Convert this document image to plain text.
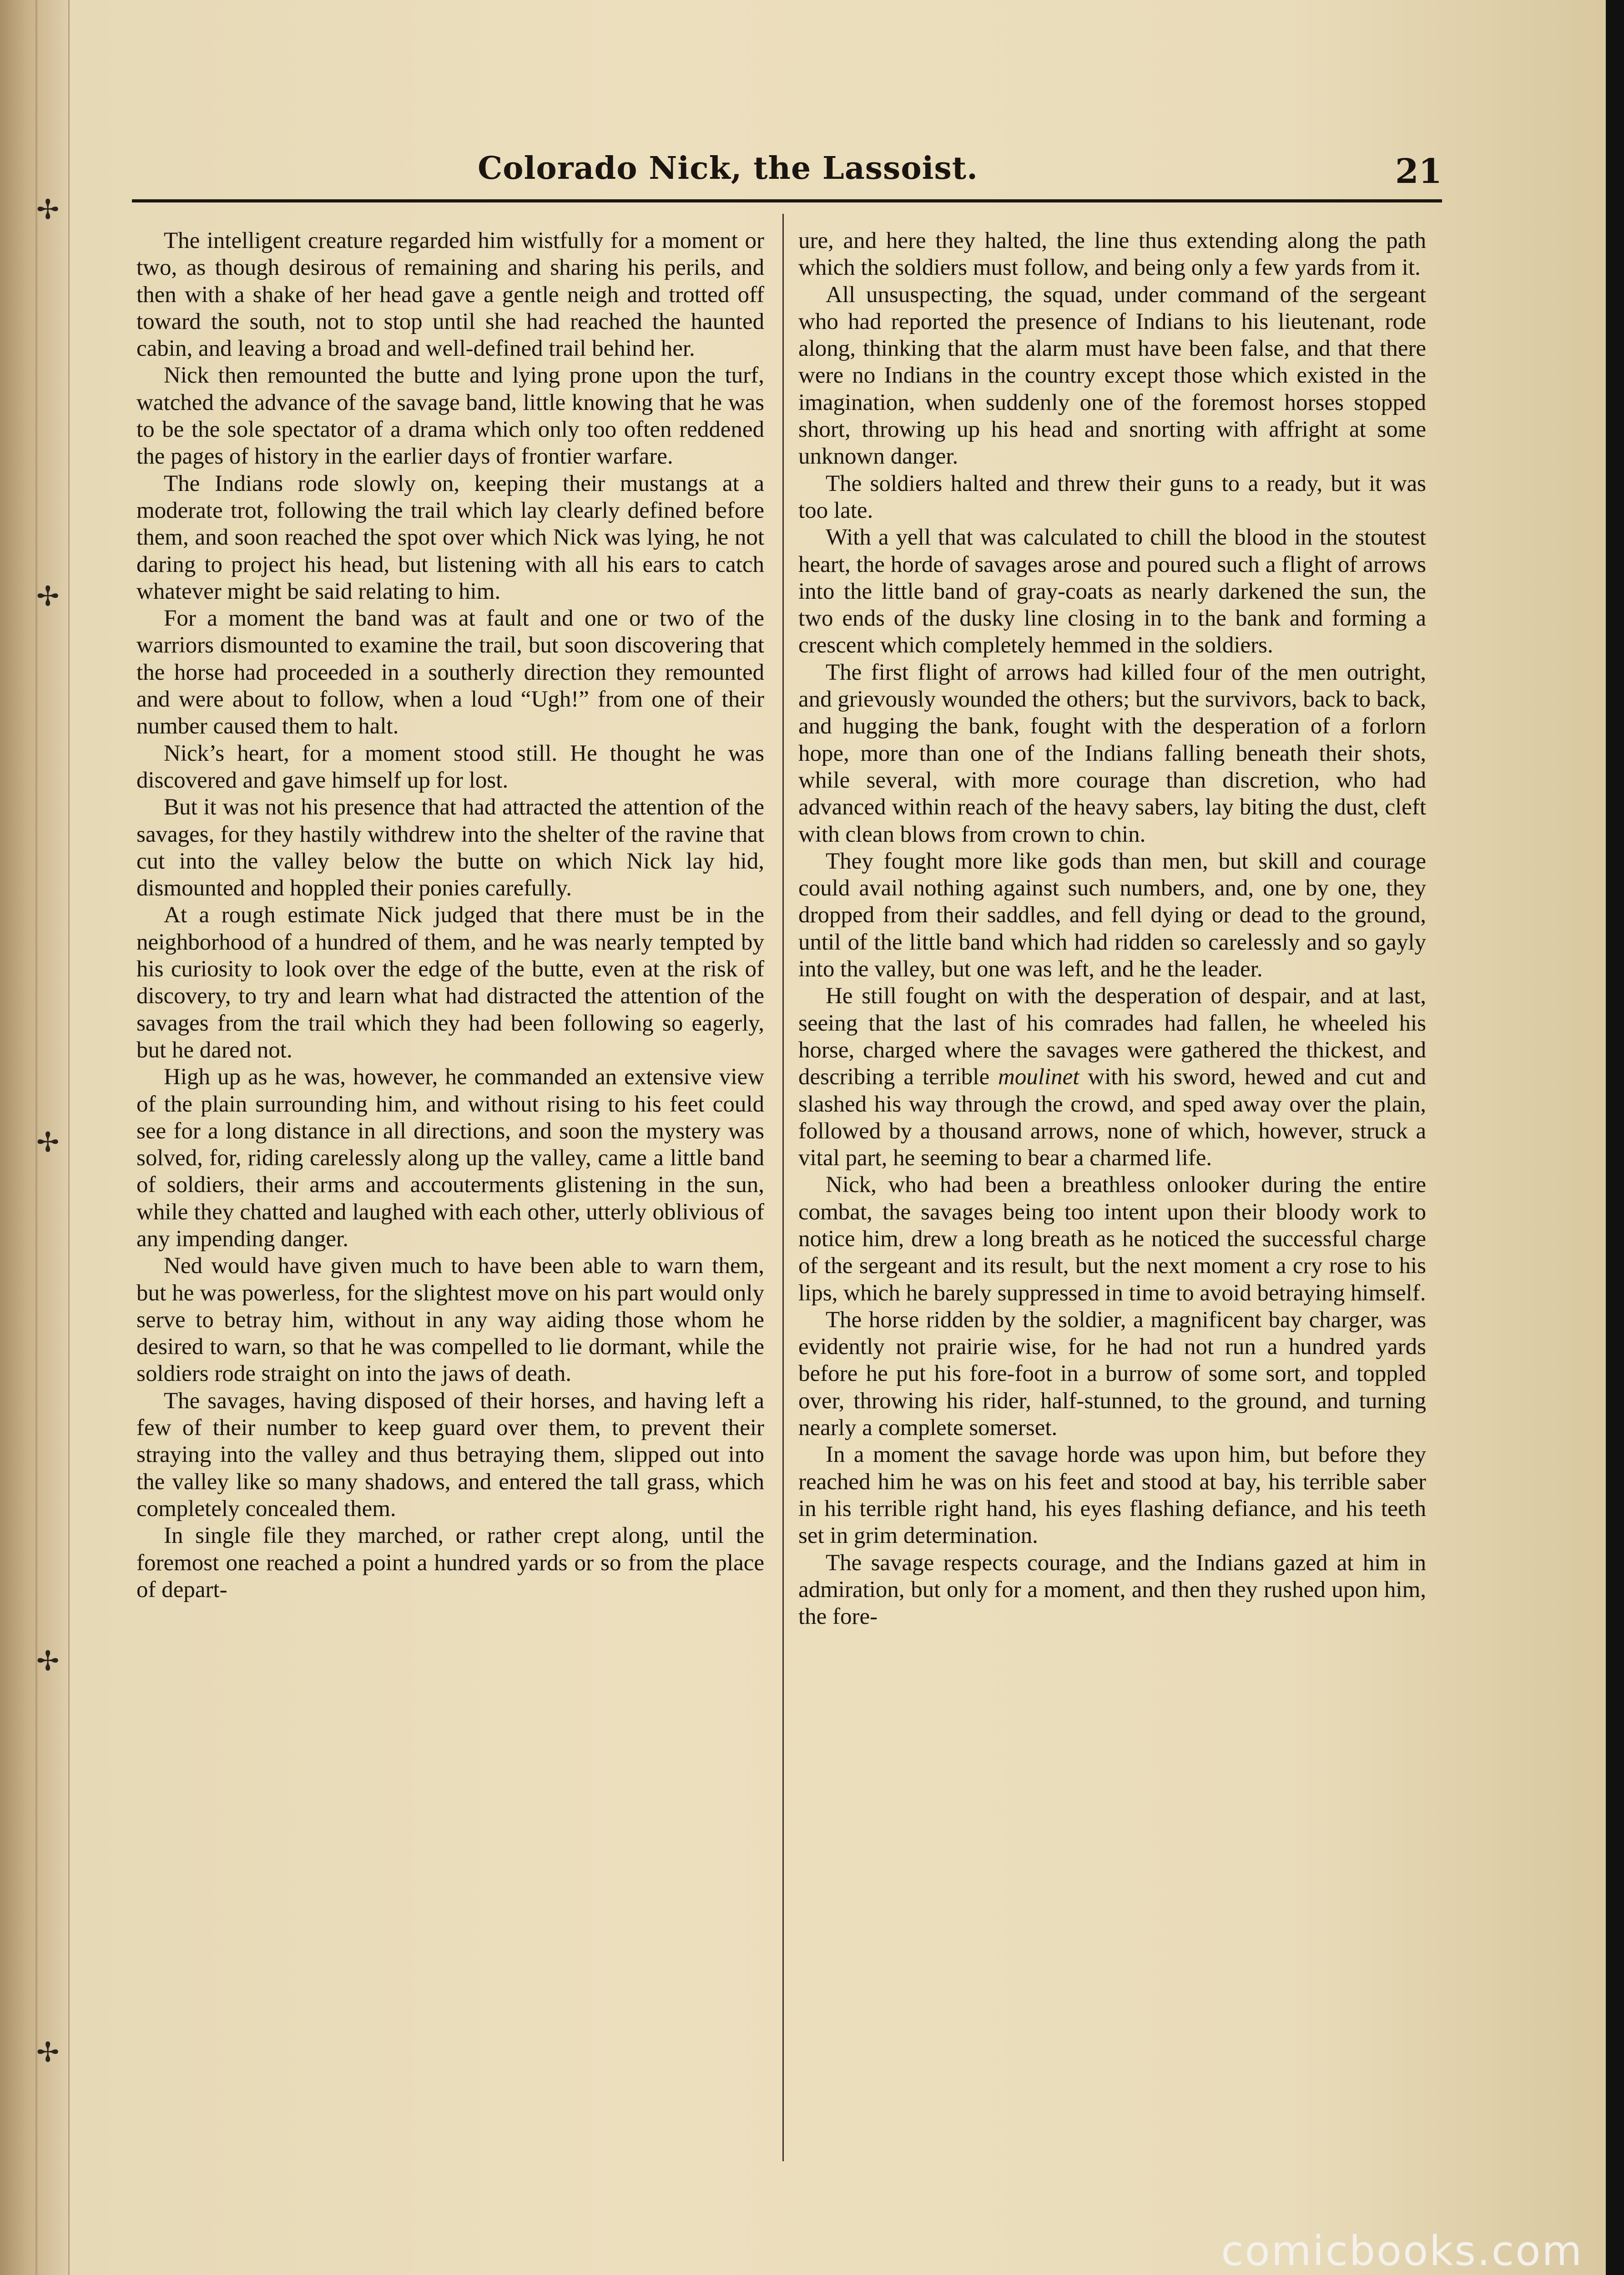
✢
✢
✢
✢
✢
Colorado Nick, the Lassoist.	21

The intelligent creature regarded him wistfully for a moment or two, as though desirous of remaining and sharing his perils, and then with a shake of her head gave a gentle neigh and trotted off toward the south, not to stop until she had reached the haunted cabin, and leaving a broad and well-defined trail behind her.

Nick then remounted the butte and lying prone upon the turf, watched the advance of the savage band, little knowing that he was to be the sole spectator of a drama which only too often reddened the pages of history in the earlier days of frontier warfare.

The Indians rode slowly on, keeping their mustangs at a moderate trot, following the trail which lay clearly defined before them, and soon reached the spot over which Nick was lying, he not daring to project his head, but listening with all his ears to catch whatever might be said relating to him.

For a moment the band was at fault and one or two of the warriors dismounted to examine the trail, but soon discovering that the horse had proceeded in a southerly direction they remounted and were about to follow, when a loud “Ugh!” from one of their number caused them to halt.

Nick’s heart, for a moment stood still. He thought he was discovered and gave himself up for lost.

But it was not his presence that had attracted the attention of the savages, for they hastily withdrew into the shelter of the ravine that cut into the valley below the butte on which Nick lay hid, dismounted and hoppled their ponies carefully.

At a rough estimate Nick judged that there must be in the neighborhood of a hundred of them, and he was nearly tempted by his curiosity to look over the edge of the butte, even at the risk of discovery, to try and learn what had distracted the attention of the savages from the trail which they had been following so eagerly, but he dared not.

High up as he was, however, he commanded an extensive view of the plain surrounding him, and without rising to his feet could see for a long distance in all directions, and soon the mystery was solved, for, riding carelessly along up the valley, came a little band of soldiers, their arms and accouterments glistening in the sun, while they chatted and laughed with each other, utterly oblivious of any impending danger.

Ned would have given much to have been able to warn them, but he was powerless, for the slightest move on his part would only serve to betray him, without in any way aiding those whom he desired to warn, so that he was compelled to lie dormant, while the soldiers rode straight on into the jaws of death.

The savages, having disposed of their horses, and having left a few of their number to keep guard over them, to prevent their straying into the valley and thus betraying them, slipped out into the valley like so many shadows, and entered the tall grass, which completely concealed them.

In single file they marched, or rather crept along, until the foremost one reached a point a hundred yards or so from the place of depart-

ure, and here they halted, the line thus extending along the path which the soldiers must follow, and being only a few yards from it.

All unsuspecting, the squad, under command of the sergeant who had reported the presence of Indians to his lieutenant, rode along, thinking that the alarm must have been false, and that there were no Indians in the country except those which existed in the imagination, when suddenly one of the foremost horses stopped short, throwing up his head and snorting with affright at some unknown danger.

The soldiers halted and threw their guns to a ready, but it was too late.

With a yell that was calculated to chill the blood in the stoutest heart, the horde of savages arose and poured such a flight of arrows into the little band of gray-coats as nearly darkened the sun, the two ends of the dusky line closing in to the bank and forming a crescent which completely hemmed in the soldiers.

The first flight of arrows had killed four of the men outright, and grievously wounded the others; but the survivors, back to back, and hugging the bank, fought with the desperation of a forlorn hope, more than one of the Indians falling beneath their shots, while several, with more courage than discretion, who had advanced within reach of the heavy sabers, lay biting the dust, cleft with clean blows from crown to chin.

They fought more like gods than men, but skill and courage could avail nothing against such numbers, and, one by one, they dropped from their saddles, and fell dying or dead to the ground, until of the little band which had ridden so carelessly and so gayly into the valley, but one was left, and he the leader.

He still fought on with the desperation of despair, and at last, seeing that the last of his comrades had fallen, he wheeled his horse, charged where the savages were gathered the thickest, and describing a terrible moulinet with his sword, hewed and cut and slashed his way through the crowd, and sped away over the plain, followed by a thousand arrows, none of which, however, struck a vital part, he seeming to bear a charmed life.

Nick, who had been a breathless onlooker during the entire combat, the savages being too intent upon their bloody work to notice him, drew a long breath as he noticed the successful charge of the sergeant and its result, but the next moment a cry rose to his lips, which he barely suppressed in time to avoid betraying himself.

The horse ridden by the soldier, a magnificent bay charger, was evidently not prairie wise, for he had not run a hundred yards before he put his fore-foot in a burrow of some sort, and toppled over, throwing his rider, half-stunned, to the ground, and turning nearly a complete somerset.

In a moment the savage horde was upon him, but before they reached him he was on his feet and stood at bay, his terrible saber in his terrible right hand, his eyes flashing defiance, and his teeth set in grim determination.

The savage respects courage, and the Indians gazed at him in admiration, but only for a moment, and then they rushed upon him, the fore-

comicbooks.com
